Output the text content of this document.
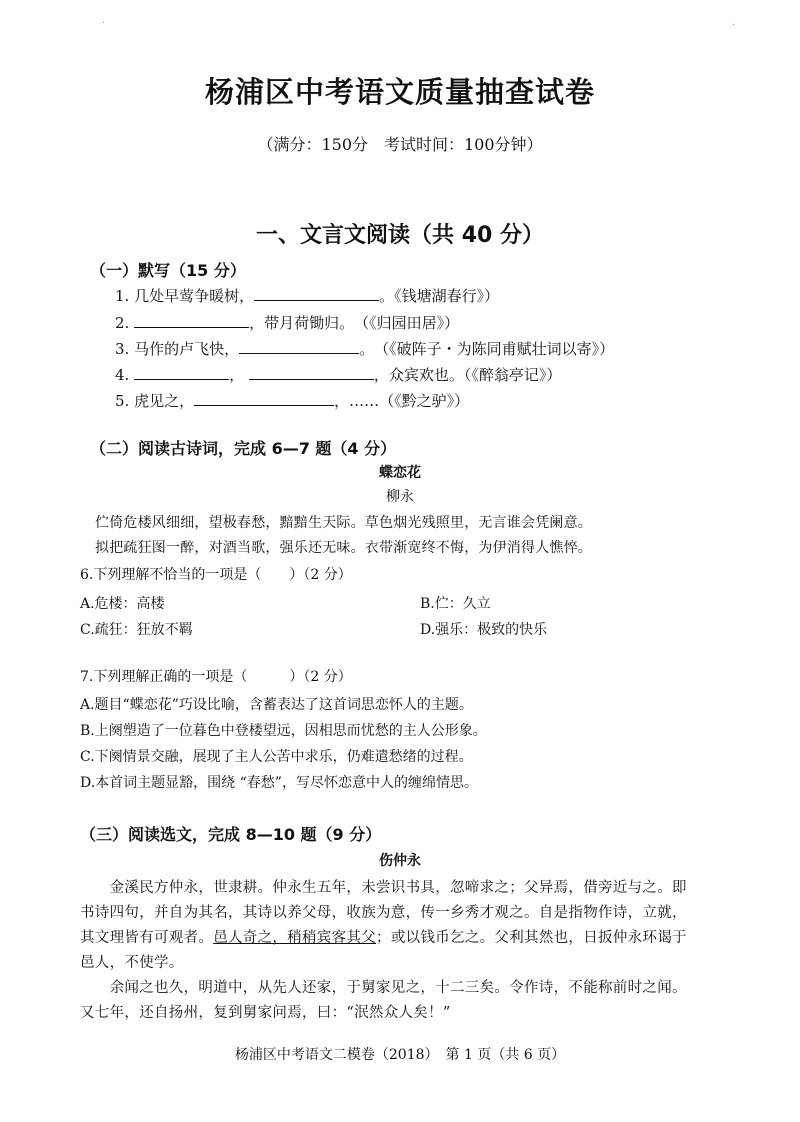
杨浦区中考语文质量抽查试卷
（满分：150分　考试时间：100分钟）
一、文言文阅读（共 40 分）
（一）默写（15 分）
1. 几处早莺争暖树，	。《钱塘湖春行》）
2.	，带月荷锄归。　（《归园田居》）
3. 马作的卢飞快，	。　（《破阵子・为陈同甫赋壮词以寄》）
4.	，	，众宾欢也。（《醉翁亭记》）
5. 虎见之，	，……（《黔之驴》）
（二）阅读古诗词，完成 6—7 题（4 分）
蝶恋花
柳永
伫倚危楼风细细，望极春愁，黯黯生天际。草色烟光残照里，无言谁会凭阑意。
拟把疏狂图一醉，对酒当歌，强乐还无味。衣带渐宽终不悔，为伊消得人憔悴。
6.下列理解不恰当的一项是（　　）（2 分）
A.危楼：高楼	B.伫：久立
C.疏狂：狂放不羁	D.强乐：极致的快乐
7.下列理解正确的一项是（　　　）（2 分）
A.题目“蝶恋花”巧设比喻，含蓄表达了这首词思恋怀人的主题。
B.上阕塑造了一位暮色中登楼望远，因相思而忧愁的主人公形象。
C.下阕情景交融，展现了主人公苦中求乐，仍难遣愁绪的过程。
D.本首词主题显豁，围绕 “春愁”，写尽怀恋意中人的缠绵情思。
（三）阅读选文，完成 8—10 题（9 分）
伤仲永
　　金溪民方仲永，世隶耕。仲永生五年，未尝识书具，忽啼求之；父异焉，借旁近与之。即
书诗四句，并自为其名，其诗以养父母，收族为意，传一乡秀才观之。自是指物作诗，立就，
其文理皆有可观者。邑人奇之，稍稍宾客其父；或以钱币乞之。父利其然也，日扳仲永环谒于
邑人，不使学。
　　余闻之也久，明道中，从先人还家，于舅家见之，十二三矣。令作诗，不能称前时之闻。
又七年，还自扬州，复到舅家问焉，曰：“泯然众人矣！”
杨浦区中考语文二模卷（2018）　第 1 页（共 6 页）
·	·
